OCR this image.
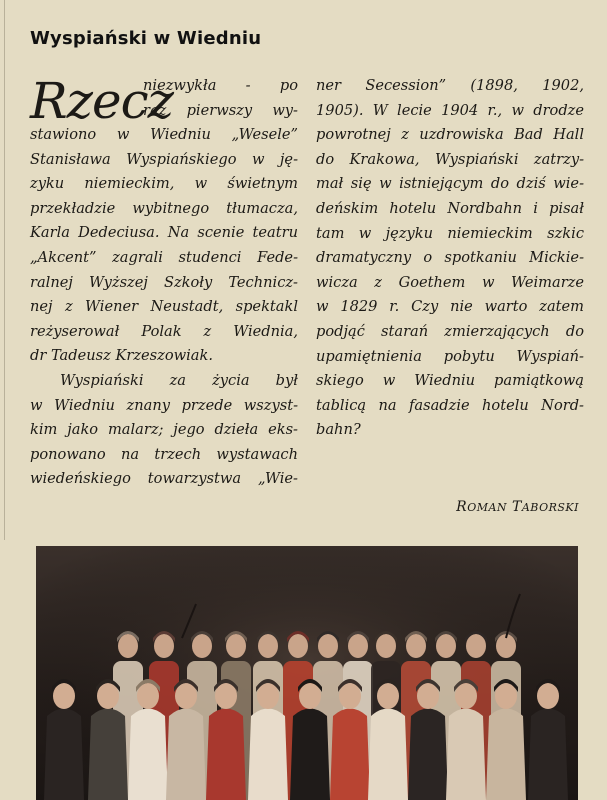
Wyspiański w Wiedniu
Rzecz
niezwykła - po
raz pierwszy wy-
stawiono w Wiedniu „Wesele”
Stanisława Wyspiańskiego w ję-
zyku niemieckim, w świetnym
przekładzie wybitnego tłumacza,
Karla Dedeciusa. Na scenie teatru
„Akcent” zagrali studenci Fede-
ralnej Wyższej Szkoły Technicz-
nej z Wiener Neustadt, spektakl
reżyserował Polak z Wiednia,
dr Tadeusz Krzeszowiak.
Wyspiański za życia był
w Wiedniu znany przede wszyst-
kim jako malarz; jego dzieła eks-
ponowano na trzech wystawach
wiedeńskiego towarzystwa „Wie-
ner Secession” (1898, 1902,
1905). W lecie 1904 r., w drodze
powrotnej z uzdrowiska Bad Hall
do Krakowa, Wyspiański zatrzy-
mał się w istniejącym do dziś wie-
deńskim hotelu Nordbahn i pisał
tam w języku niemieckim szkic
dramatyczny o spotkaniu Mickie-
wicza z Goethem w Weimarze
w 1829 r. Czy nie warto zatem
podjąć starań zmierzających do
upamiętnienia pobytu Wyspiań-
skiego w Wiedniu pamiątkową
tablicą na fasadzie hotelu Nord-
bahn?
ROMAN TABORSKI
